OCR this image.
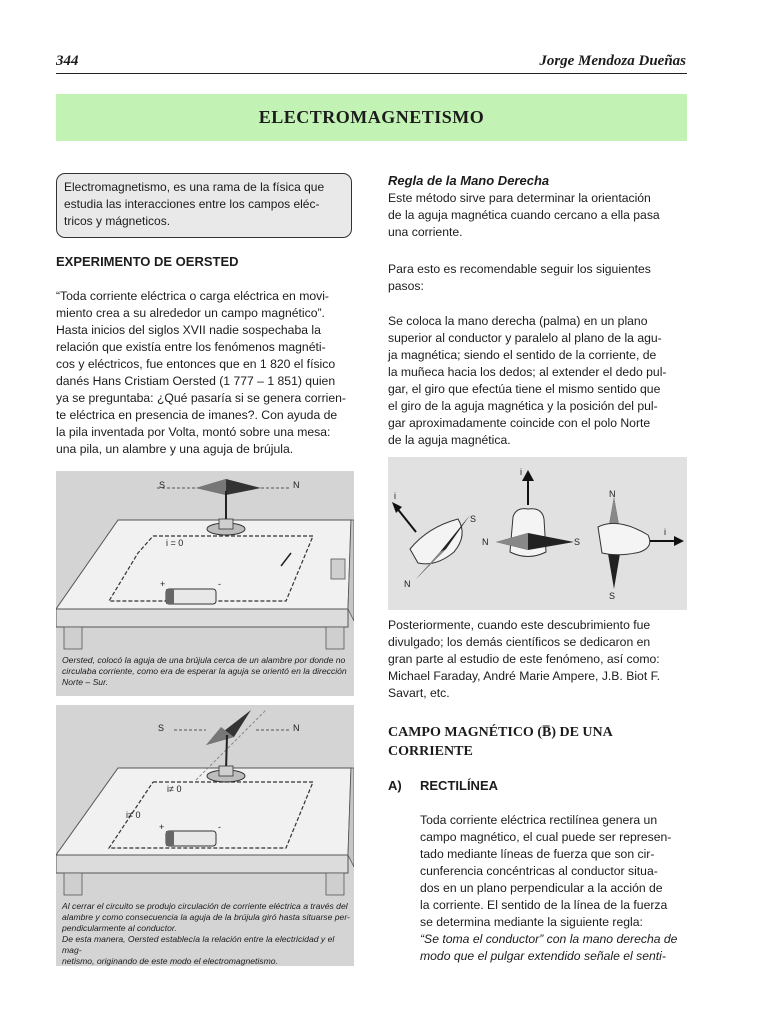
344	Jorge Mendoza Dueñas
ELECTROMAGNETISMO
Electromagnetismo, es una rama de la física que
estudia las interacciones entre los campos eléc-
tricos y mágneticos.
EXPERIMENTO DE OERSTED
“Toda corriente eléctrica o carga eléctrica en movi-
miento crea a su alrededor un campo magnético”.
Hasta inicios del siglos XVII nadie sospechaba la
relación que existía entre los fenómenos magnéti-
cos y eléctricos, fue entonces que en 1 820 el físico
danés Hans Cristiam Oersted (1 777 – 1 851) quien
ya se preguntaba: ¿Qué pasaría si se genera corrien-
te eléctrica en presencia de imanes?. Con ayuda de
la pila inventada por Volta, montó sobre una mesa:
una pila, un alambre y una aguja de brújula.
S	N
i = 0
+	-
Oersted, colocó la aguja de una brújula cerca de un alambre por donde no
circulaba corriente, como era de esperar la aguja se orientó en la dirección
Norte – Sur.
S	N
i≠ 0
i≠ 0
+	-
Al cerrar el circuito se produjo circulación de corriente eléctrica a través del
alambre y como consecuencia la aguja de la brújula giró hasta situarse per-
pendicularmente al conductor.
De esta manera, Oersted establecía la relación entre la electricidad y el mag-
netismo, originando de este modo el electromagnetismo.
Regla de la Mano Derecha
Este método sirve para determinar la orientación
de la aguja magnética cuando cercano a ella pasa
una corriente.
Para esto es recomendable seguir los siguientes
pasos:
Se coloca la mano derecha (palma) en un plano
superior al conductor y paralelo al plano de la agu-
ja magnética; siendo el sentido de la corriente, de
la muñeca hacia los dedos; al extender el dedo pul-
gar, el giro que efectúa tiene el mismo sentido que
el giro de la aguja magnética y la posición del pul-
gar aproximadamente coincide con el polo Norte
de la aguja magnética.
i
S
N
i
N	S
N
i
S
Posteriormente, cuando este descubrimiento fue
divulgado; los demás científicos se dedicaron en
gran parte al estudio de este fenómeno, así como:
Michael Faraday, André Marie Ampere, J.B. Biot F.
Savart, etc.
CAMPO MAGNÉTICO (B̅) DE UNA
CORRIENTE
A) RECTILÍNEA
Toda corriente eléctrica rectilínea genera un
campo magnético, el cual puede ser represen-
tado mediante líneas de fuerza que son cir-
cunferencia concéntricas al conductor situa-
dos en un plano perpendicular a la acción de
la corriente. El sentido de la línea de la fuerza
se determina mediante la siguiente regla:
“Se toma el conductor” con la mano derecha de
modo que el pulgar extendido señale el senti-
